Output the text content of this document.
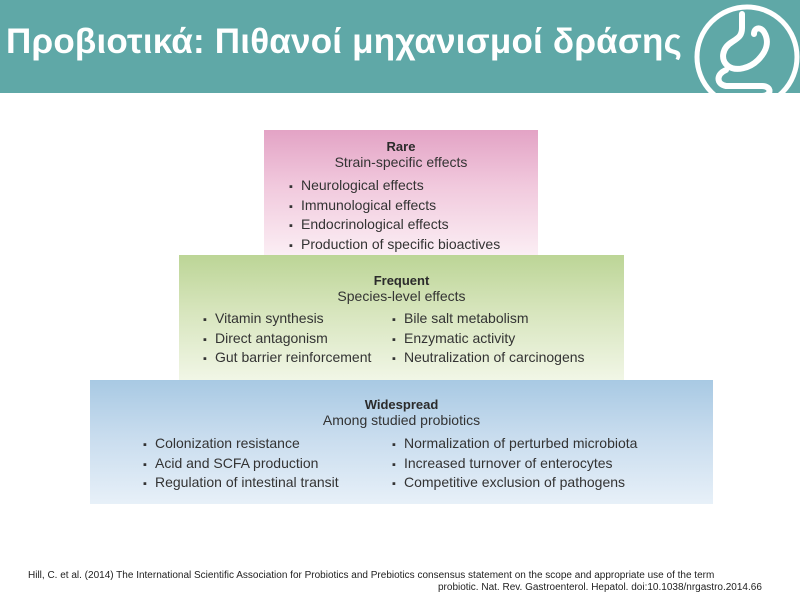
Προβιοτικά: Πιθανοί μηχανισμοί δράσης
Rare
Strain-specific effects
▪ Neurological effects
▪ Immunological effects
▪ Endocrinological effects
▪ Production of specific bioactives
Frequent
Species-level effects
▪ Vitamin synthesis
▪ Direct antagonism
▪ Gut barrier reinforcement
▪ Bile salt metabolism
▪ Enzymatic activity
▪ Neutralization of carcinogens
Widespread
Among studied probiotics
▪ Colonization resistance
▪ Acid and SCFA production
▪ Regulation of intestinal transit
▪ Normalization of perturbed microbiota
▪ Increased turnover of enterocytes
▪ Competitive exclusion of pathogens
Hill, C. et al. (2014) The International Scientific Association for Probiotics and Prebiotics consensus statement on the scope and appropriate use of the term
probiotic. Nat. Rev. Gastroenterol. Hepatol. doi:10.1038/nrgastro.2014.66
